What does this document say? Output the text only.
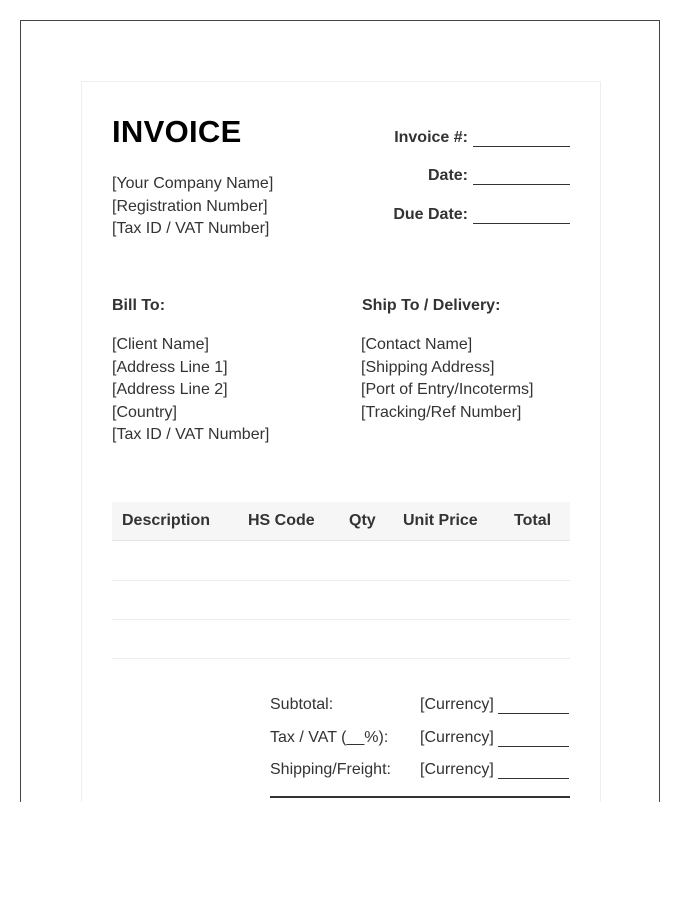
INVOICE
[Your Company Name]
[Registration Number]
[Tax ID / VAT Number]
Invoice #:
Date:
Due Date:
Bill To:
[Client Name]
[Address Line 1]
[Address Line 2]
[Country]
[Tax ID / VAT Number]
Ship To / Delivery:
[Contact Name]
[Shipping Address]
[Port of Entry/Incoterms]
[Tracking/Ref Number]
Description HS Code Qty Unit Price Total
Subtotal:	[Currency]
Tax / VAT (__%): [Currency]
Shipping/Freight: [Currency]
